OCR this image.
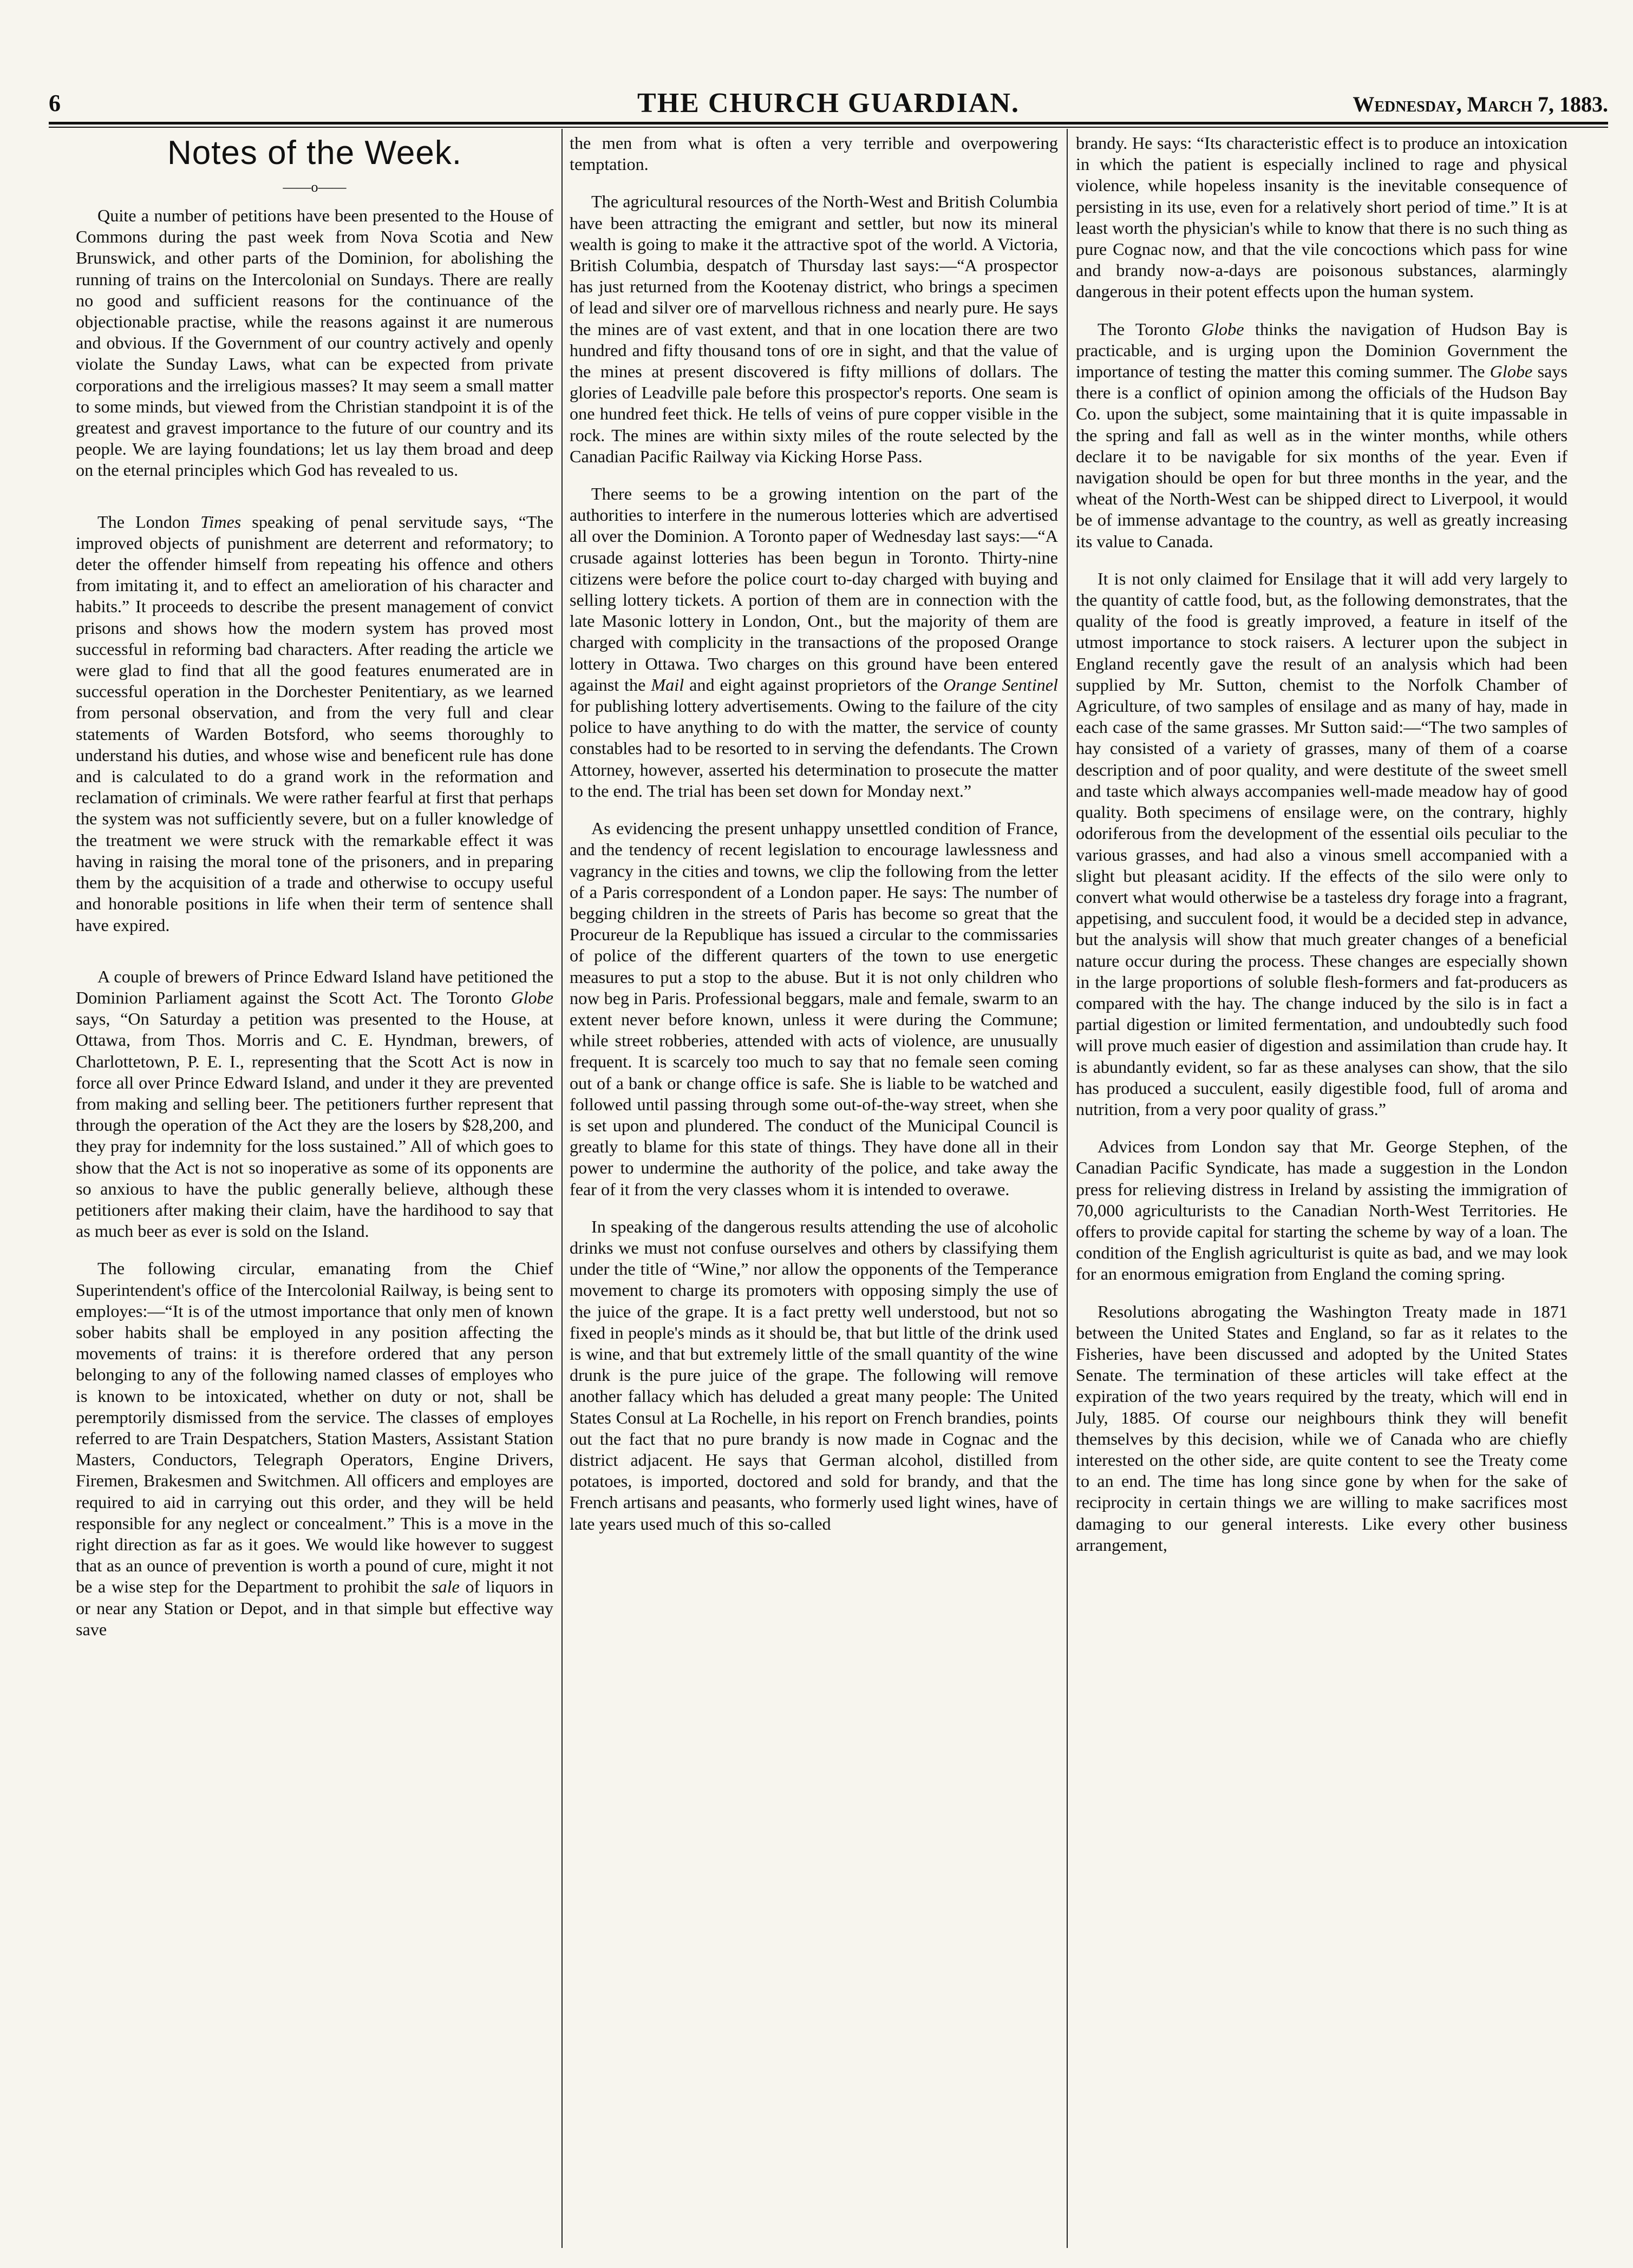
6	THE CHURCH GUARDIAN.	Wednesday, March 7, 1883.
Notes of the Week.
——o——

Quite a number of petitions have been presented to the House of Commons during the past week from Nova Scotia and New Brunswick, and other parts of the Dominion, for abolishing the running of trains on the Intercolonial on Sundays. There are really no good and sufficient reasons for the continuance of the objectionable practise, while the reasons against it are numerous and obvious. If the Government of our country actively and openly violate the Sunday Laws, what can be expected from private corporations and the irreligious masses? It may seem a small matter to some minds, but viewed from the Christian standpoint it is of the greatest and gravest importance to the future of our country and its people. We are laying foundations; let us lay them broad and deep on the eternal principles which God has revealed to us.

The London Times speaking of penal servitude says, “The improved objects of punishment are deterrent and reformatory; to deter the offender himself from repeating his offence and others from imitating it, and to effect an amelioration of his character and habits.” It proceeds to describe the present management of convict prisons and shows how the modern system has proved most successful in reforming bad characters. After reading the article we were glad to find that all the good features enumerated are in successful operation in the Dorchester Penitentiary, as we learned from personal observation, and from the very full and clear statements of Warden Botsford, who seems thoroughly to understand his duties, and whose wise and beneficent rule has done and is calculated to do a grand work in the reformation and reclamation of criminals. We were rather fearful at first that perhaps the system was not sufficiently severe, but on a fuller knowledge of the treatment we were struck with the remarkable effect it was having in raising the moral tone of the prisoners, and in preparing them by the acquisition of a trade and otherwise to occupy useful and honorable positions in life when their term of sentence shall have expired.

A couple of brewers of Prince Edward Island have petitioned the Dominion Parliament against the Scott Act. The Toronto Globe says, “On Saturday a petition was presented to the House, at Ottawa, from Thos. Morris and C. E. Hyndman, brewers, of Charlottetown, P. E. I., representing that the Scott Act is now in force all over Prince Edward Island, and under it they are prevented from making and selling beer. The petitioners further represent that through the operation of the Act they are the losers by $28,200, and they pray for indemnity for the loss sustained.” All of which goes to show that the Act is not so inoperative as some of its opponents are so anxious to have the public generally believe, although these petitioners after making their claim, have the hardihood to say that as much beer as ever is sold on the Island.

The following circular, emanating from the Chief Superintendent's office of the Intercolonial Railway, is being sent to employes:—“It is of the utmost importance that only men of known sober habits shall be employed in any position affecting the movements of trains: it is therefore ordered that any person belonging to any of the following named classes of employes who is known to be intoxicated, whether on duty or not, shall be peremptorily dismissed from the service. The classes of employes referred to are Train Despatchers, Station Masters, Assistant Station Masters, Conductors, Telegraph Operators, Engine Drivers, Firemen, Brakesmen and Switchmen. All officers and employes are required to aid in carrying out this order, and they will be held responsible for any neglect or concealment.” This is a move in the right direction as far as it goes. We would like however to suggest that as an ounce of prevention is worth a pound of cure, might it not be a wise step for the Department to prohibit the sale of liquors in or near any Station or Depot, and in that simple but effective way save

the men from what is often a very terrible and overpowering temptation.

The agricultural resources of the North-West and British Columbia have been attracting the emigrant and settler, but now its mineral wealth is going to make it the attractive spot of the world. A Victoria, British Columbia, despatch of Thursday last says:—“A prospector has just returned from the Kootenay district, who brings a specimen of lead and silver ore of marvellous richness and nearly pure. He says the mines are of vast extent, and that in one location there are two hundred and fifty thousand tons of ore in sight, and that the value of the mines at present discovered is fifty millions of dollars. The glories of Leadville pale before this prospector's reports. One seam is one hundred feet thick. He tells of veins of pure copper visible in the rock. The mines are within sixty miles of the route selected by the Canadian Pacific Railway via Kicking Horse Pass.

There seems to be a growing intention on the part of the authorities to interfere in the numerous lotteries which are advertised all over the Dominion. A Toronto paper of Wednesday last says:—“A crusade against lotteries has been begun in Toronto. Thirty-nine citizens were before the police court to-day charged with buying and selling lottery tickets. A portion of them are in connection with the late Masonic lottery in London, Ont., but the majority of them are charged with complicity in the transactions of the proposed Orange lottery in Ottawa. Two charges on this ground have been entered against the Mail and eight against proprietors of the Orange Sentinel for publishing lottery advertisements. Owing to the failure of the city police to have anything to do with the matter, the service of county constables had to be resorted to in serving the defendants. The Crown Attorney, however, asserted his determination to prosecute the matter to the end. The trial has been set down for Monday next.”

As evidencing the present unhappy unsettled condition of France, and the tendency of recent legislation to encourage lawlessness and vagrancy in the cities and towns, we clip the following from the letter of a Paris correspondent of a London paper. He says: The number of begging children in the streets of Paris has become so great that the Procureur de la Republique has issued a circular to the commissaries of police of the different quarters of the town to use energetic measures to put a stop to the abuse. But it is not only children who now beg in Paris. Professional beggars, male and female, swarm to an extent never before known, unless it were during the Commune; while street robberies, attended with acts of violence, are unusually frequent. It is scarcely too much to say that no female seen coming out of a bank or change office is safe. She is liable to be watched and followed until passing through some out-of-the-way street, when she is set upon and plundered. The conduct of the Municipal Council is greatly to blame for this state of things. They have done all in their power to undermine the authority of the police, and take away the fear of it from the very classes whom it is intended to overawe.

In speaking of the dangerous results attending the use of alcoholic drinks we must not confuse ourselves and others by classifying them under the title of “Wine,” nor allow the opponents of the Temperance movement to charge its promoters with opposing simply the use of the juice of the grape. It is a fact pretty well understood, but not so fixed in people's minds as it should be, that but little of the drink used is wine, and that but extremely little of the small quantity of the wine drunk is the pure juice of the grape. The following will remove another fallacy which has deluded a great many people: The United States Consul at La Rochelle, in his report on French brandies, points out the fact that no pure brandy is now made in Cognac and the district adjacent. He says that German alcohol, distilled from potatoes, is imported, doctored and sold for brandy, and that the French artisans and peasants, who formerly used light wines, have of late years used much of this so-called

brandy. He says: “Its characteristic effect is to produce an intoxication in which the patient is especially inclined to rage and physical violence, while hopeless insanity is the inevitable consequence of persisting in its use, even for a relatively short period of time.” It is at least worth the physician's while to know that there is no such thing as pure Cognac now, and that the vile concoctions which pass for wine and brandy now-a-days are poisonous substances, alarmingly dangerous in their potent effects upon the human system.

The Toronto Globe thinks the navigation of Hudson Bay is practicable, and is urging upon the Dominion Government the importance of testing the matter this coming summer. The Globe says there is a conflict of opinion among the officials of the Hudson Bay Co. upon the subject, some maintaining that it is quite impassable in the spring and fall as well as in the winter months, while others declare it to be navigable for six months of the year. Even if navigation should be open for but three months in the year, and the wheat of the North-West can be shipped direct to Liverpool, it would be of immense advantage to the country, as well as greatly increasing its value to Canada.

It is not only claimed for Ensilage that it will add very largely to the quantity of cattle food, but, as the following demonstrates, that the quality of the food is greatly improved, a feature in itself of the utmost importance to stock raisers. A lecturer upon the subject in England recently gave the result of an analysis which had been supplied by Mr. Sutton, chemist to the Norfolk Chamber of Agriculture, of two samples of ensilage and as many of hay, made in each case of the same grasses. Mr Sutton said:—“The two samples of hay consisted of a variety of grasses, many of them of a coarse description and of poor quality, and were destitute of the sweet smell and taste which always accompanies well-made meadow hay of good quality. Both specimens of ensilage were, on the contrary, highly odoriferous from the development of the essential oils peculiar to the various grasses, and had also a vinous smell accompanied with a slight but pleasant acidity. If the effects of the silo were only to convert what would otherwise be a tasteless dry forage into a fragrant, appetising, and succulent food, it would be a decided step in advance, but the analysis will show that much greater changes of a beneficial nature occur during the process. These changes are especially shown in the large proportions of soluble flesh-formers and fat-producers as compared with the hay. The change induced by the silo is in fact a partial digestion or limited fermentation, and undoubtedly such food will prove much easier of digestion and assimilation than crude hay. It is abundantly evident, so far as these analyses can show, that the silo has produced a succulent, easily digestible food, full of aroma and nutrition, from a very poor quality of grass.”

Advices from London say that Mr. George Stephen, of the Canadian Pacific Syndicate, has made a suggestion in the London press for relieving distress in Ireland by assisting the immigration of 70,000 agriculturists to the Canadian North-West Territories. He offers to provide capital for starting the scheme by way of a loan. The condition of the English agriculturist is quite as bad, and we may look for an enormous emigration from England the coming spring.

Resolutions abrogating the Washington Treaty made in 1871 between the United States and England, so far as it relates to the Fisheries, have been discussed and adopted by the United States Senate. The termination of these articles will take effect at the expiration of the two years required by the treaty, which will end in July, 1885. Of course our neighbours think they will benefit themselves by this decision, while we of Canada who are chiefly interested on the other side, are quite content to see the Treaty come to an end. The time has long since gone by when for the sake of reciprocity in certain things we are willing to make sacrifices most damaging to our general interests. Like every other business arrangement,
